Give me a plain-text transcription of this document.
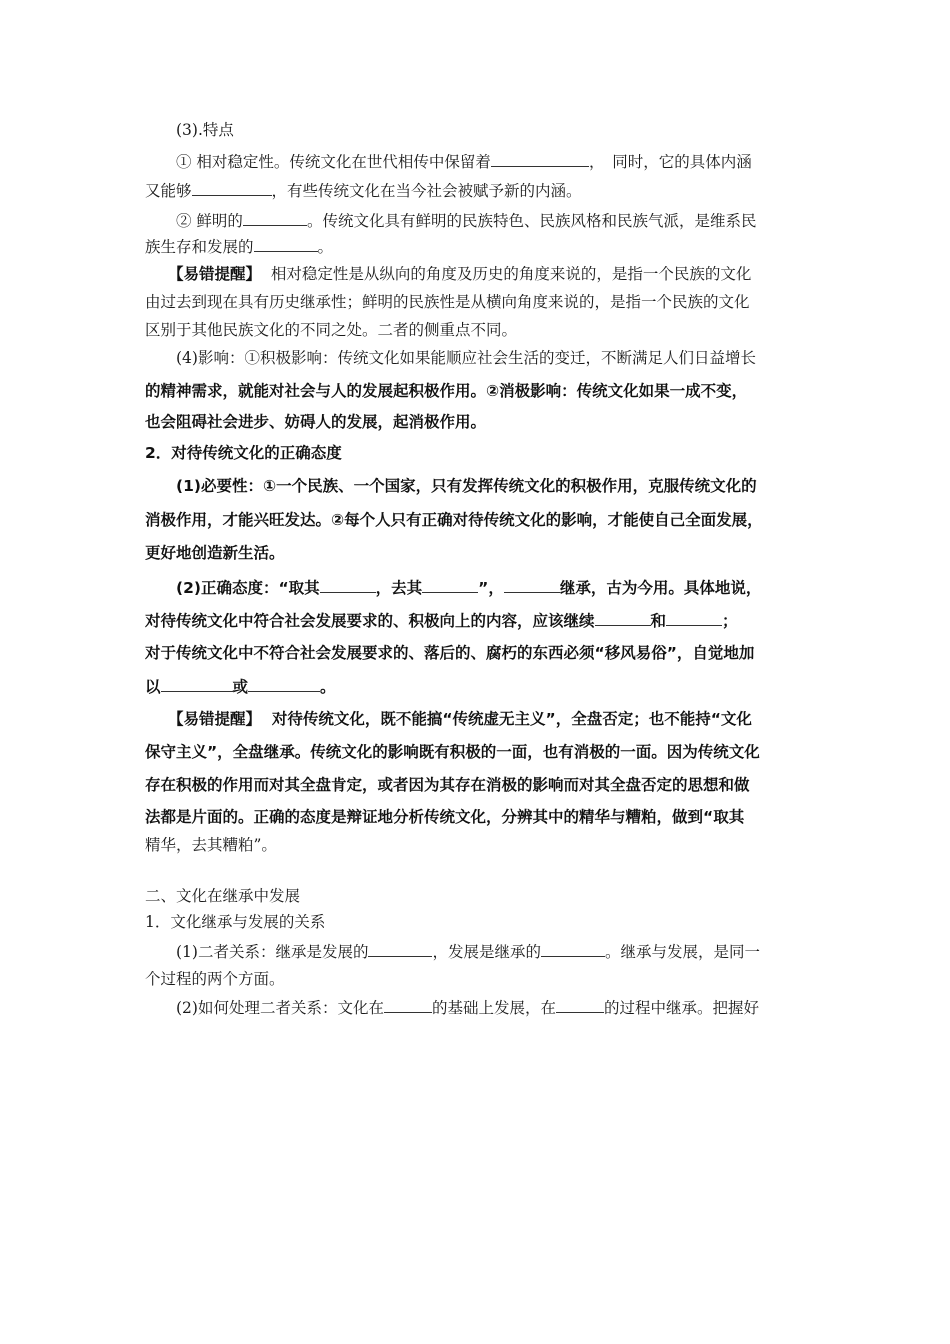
(3).特点
① 相对稳定性。传统文化在世代相传中保留着	，　同时，它的具体内涵
又能够	，有些传统文化在当今社会被赋予新的内涵。
② 鲜明的	。传统文化具有鲜明的民族特色、民族风格和民族气派，是维系民
族生存和发展的	。
【易错提醒】 相对稳定性是从纵向的角度及历史的角度来说的，是指一个民族的文化
由过去到现在具有历史继承性；鲜明的民族性是从横向角度来说的，是指一个民族的文化
区别于其他民族文化的不同之处。二者的侧重点不同。
(4)影响：①积极影响：传统文化如果能顺应社会生活的变迁，不断满足人们日益增长
的精神需求，就能对社会与人的发展起积极作用。②消极影响：传统文化如果一成不变，
也会阻碍社会进步、妨碍人的发展，起消极作用。
2．对待传统文化的正确态度
(1)必要性：①一个民族、一个国家，只有发挥传统文化的积极作用，克服传统文化的
消极作用，才能兴旺发达。②每个人只有正确对待传统文化的影响，才能使自己全面发展，
更好地创造新生活。
(2)正确态度：“取其	，去其	”，	继承，古为今用。具体地说，
对待传统文化中符合社会发展要求的、积极向上的内容，应该继续	和	；
对于传统文化中不符合社会发展要求的、落后的、腐朽的东西必须“移风易俗”，自觉地加
以	或	。
【易错提醒】 对待传统文化，既不能搞“传统虚无主义”，全盘否定；也不能持“文化
保守主义”，全盘继承。传统文化的影响既有积极的一面，也有消极的一面。因为传统文化
存在积极的作用而对其全盘肯定，或者因为其存在消极的影响而对其全盘否定的思想和做
法都是片面的。正确的态度是辩证地分析传统文化，分辨其中的精华与糟粕，做到“取其
精华，去其糟粕”。
二、文化在继承中发展
1．文化继承与发展的关系
(1)二者关系：继承是发展的	，发展是继承的	。继承与发展，是同一
个过程的两个方面。
(2)如何处理二者关系：文化在	的基础上发展，在	的过程中继承。把握好
